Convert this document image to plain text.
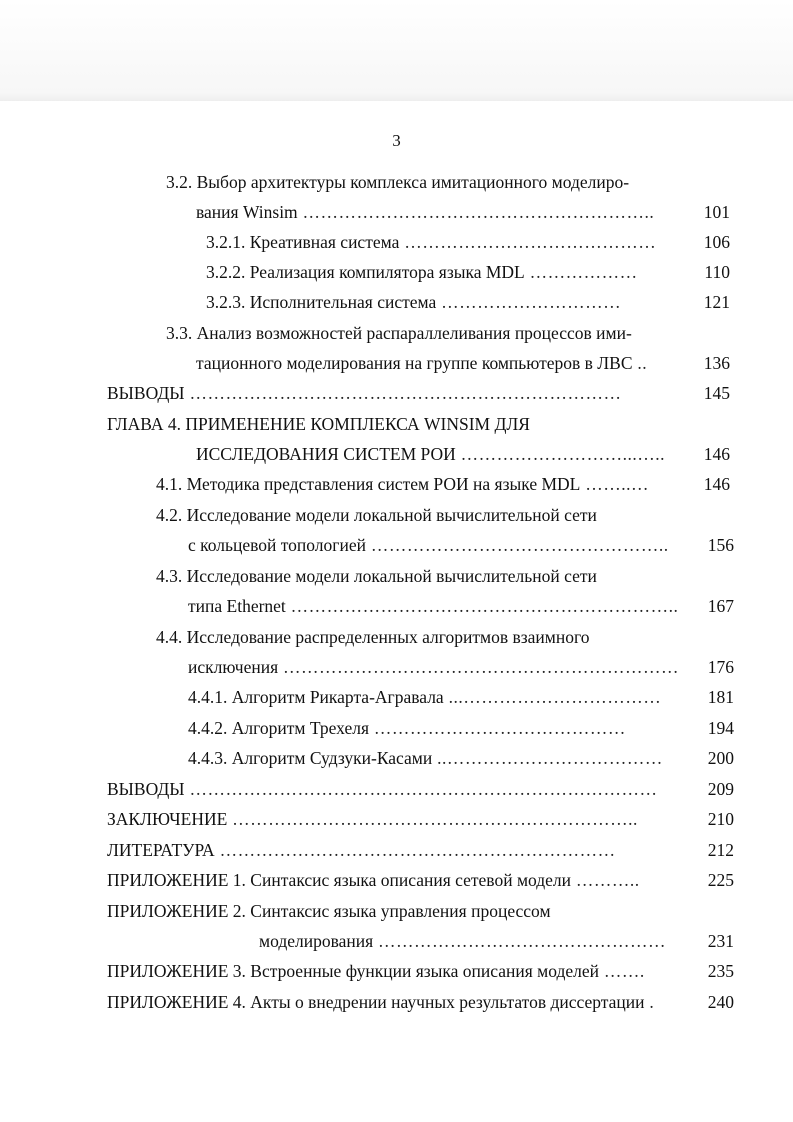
3
3.2. Выбор архитектуры комплекса имитационного моделиро-
вания Winsim …………………………………………………..	101
3.2.1. Креативная система ……………………………………	106
3.2.2. Реализация компилятора языка MDL ………………	110
3.2.3. Исполнительная система …………………………	121
3.3. Анализ возможностей распараллеливания процессов ими-
тационного моделирования на группе компьютеров в ЛВС ..	136
ВЫВОДЫ ………………………………………………………………	145
ГЛАВА 4. ПРИМЕНЕНИЕ КОМПЛЕКСА WINSIM ДЛЯ
ИССЛЕДОВАНИЯ СИСТЕМ РОИ ………………………...…..	146
4.1. Методика представления систем РОИ на языке MDL ……..…	146
4.2. Исследование модели локальной вычислительной сети
с кольцевой топологией …………………………………………..	156
4.3. Исследование модели локальной вычислительной сети
типа Ethernet ………………………………………………………..	167
4.4. Исследование распределенных алгоритмов взаимного
исключения …………………………………………………………	176
4.4.1. Алгоритм Рикарта-Агравала ...……………………………	181
4.4.2. Алгоритм Трехеля ……………………………………	194
4.4.3. Алгоритм Судзуки-Касами ..………………………………	200
ВЫВОДЫ ……………………………………………………………………	209
ЗАКЛЮЧЕНИЕ …………………………………………………………..	210
ЛИТЕРАТУРА …………………………………………………………	212
ПРИЛОЖЕНИЕ 1. Синтаксис языка описания сетевой модели ………..	225
ПРИЛОЖЕНИЕ 2. Синтаксис языка управления процессом
моделирования …………………………………………	231
ПРИЛОЖЕНИЕ 3. Встроенные функции языка описания моделей …….	235
ПРИЛОЖЕНИЕ 4. Акты о внедрении научных результатов диссертации .	240
